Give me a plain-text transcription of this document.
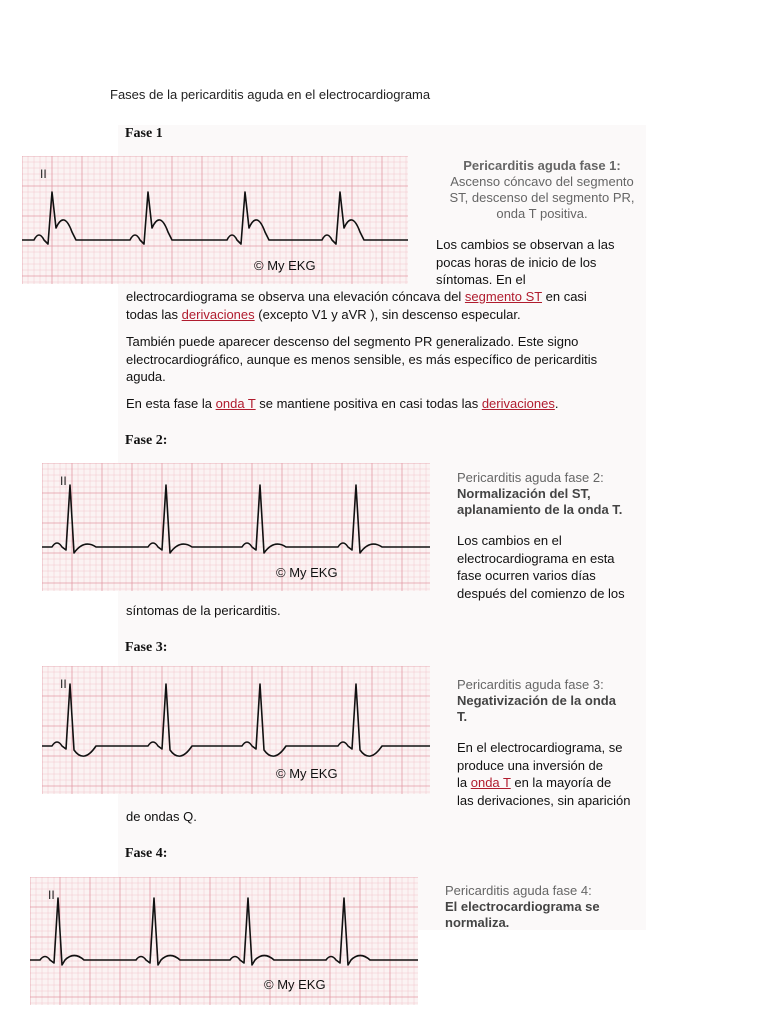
Fases de la pericarditis aguda en el electrocardiograma
Fase 1
II
© My EKG
Pericarditis aguda fase 1:
Ascenso cóncavo del segmento
ST, descenso del segmento PR,
onda T positiva.
Los cambios se observan a las
pocas horas de inicio de los
síntomas. En el
electrocardiograma se observa una elevación cóncava del segmento ST en casi
todas las derivaciones (excepto V1 y aVR ), sin descenso especular.
También puede aparecer descenso del segmento PR generalizado. Este signo
electrocardiográfico, aunque es menos sensible, es más específico de pericarditis
aguda.
En esta fase la onda T se mantiene positiva en casi todas las derivaciones.
Fase 2:
II
© My EKG
Pericarditis aguda fase 2:
Normalización del ST,
aplanamiento de la onda T.
Los cambios en el
electrocardiograma en esta
fase ocurren varios días
después del comienzo de los
síntomas de la pericarditis.
Fase 3:
II
© My EKG
Pericarditis aguda fase 3:
Negativización de la onda
T.
En el electrocardiograma, se
produce una inversión de
la onda T en la mayoría de
las derivaciones, sin aparición
de ondas Q.
Fase 4:
II
© My EKG
Pericarditis aguda fase 4:
El electrocardiograma se
normaliza.
